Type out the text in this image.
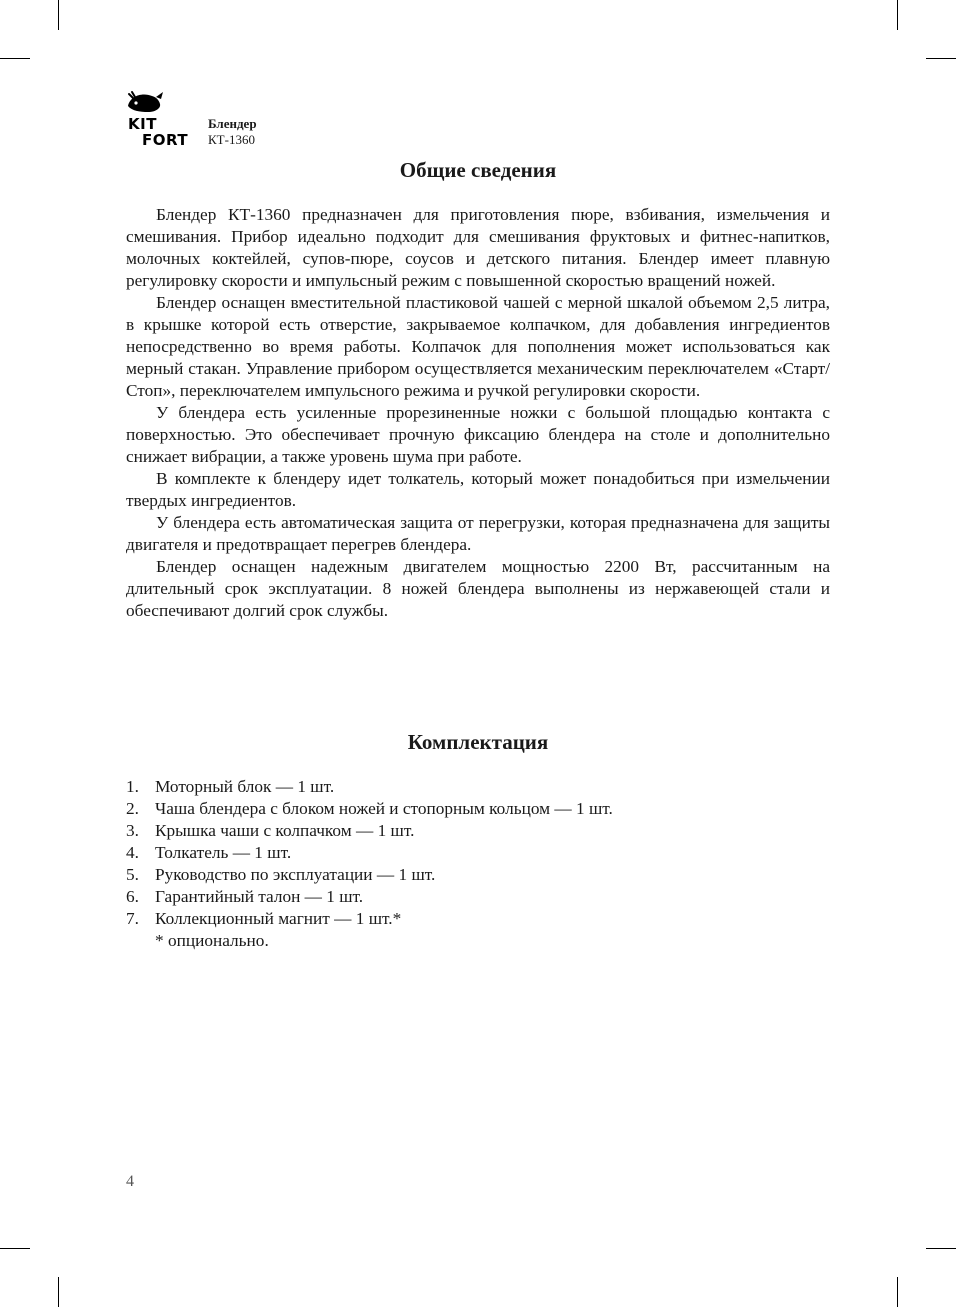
KIT
FORT
Блендер
КТ-1360
Общие сведения

Блендер КТ-1360 предназначен для приготовления пюре, взбивания, измельчения и смешивания. Прибор идеально подходит для смешивания фруктовых и фитнес-напитков, молочных коктейлей, супов-пюре, соусов и детского питания. Блендер имеет плавную регулировку скорости и импульсный режим с повышенной скоростью вращений ножей.

Блендер оснащен вместительной пластиковой чашей с мерной шкалой объемом 2,5 литра, в крышке которой есть отверстие, закрываемое колпачком, для добавления ингредиентов непосредственно во время работы. Колпачок для пополнения может использоваться как мерный стакан. Управление прибором осуществляется механическим переключателем «Старт/Стоп», переключателем импульсного режима и ручкой регулировки скорости.

У блендера есть усиленные прорезиненные ножки с большой площадью контакта с поверхностью. Это обеспечивает прочную фиксацию блендера на столе и дополнительно снижает вибрации, а также уровень шума при работе.

В комплекте к блендеру идет толкатель, который может понадобиться при измельчении твердых ингредиентов.

У блендера есть автоматическая защита от перегрузки, которая предназначена для защиты двигателя и предотвращает перегрев блендера.

Блендер оснащен надежным двигателем мощностью 2200 Вт, рассчитанным на длительный срок эксплуатации. 8 ножей блендера выполнены из нержавеющей стали и обеспечивают долгий срок службы.

Комплектация
1. Моторный блок — 1 шт.
2. Чаша блендера с блоком ножей и стопорным кольцом — 1 шт.
3. Крышка чаши с колпачком — 1 шт.
4. Толкатель — 1 шт.
5. Руководство по эксплуатации — 1 шт.
6. Гарантийный талон — 1 шт.
7. Коллекционный магнит — 1 шт.*
* опционально.
4
